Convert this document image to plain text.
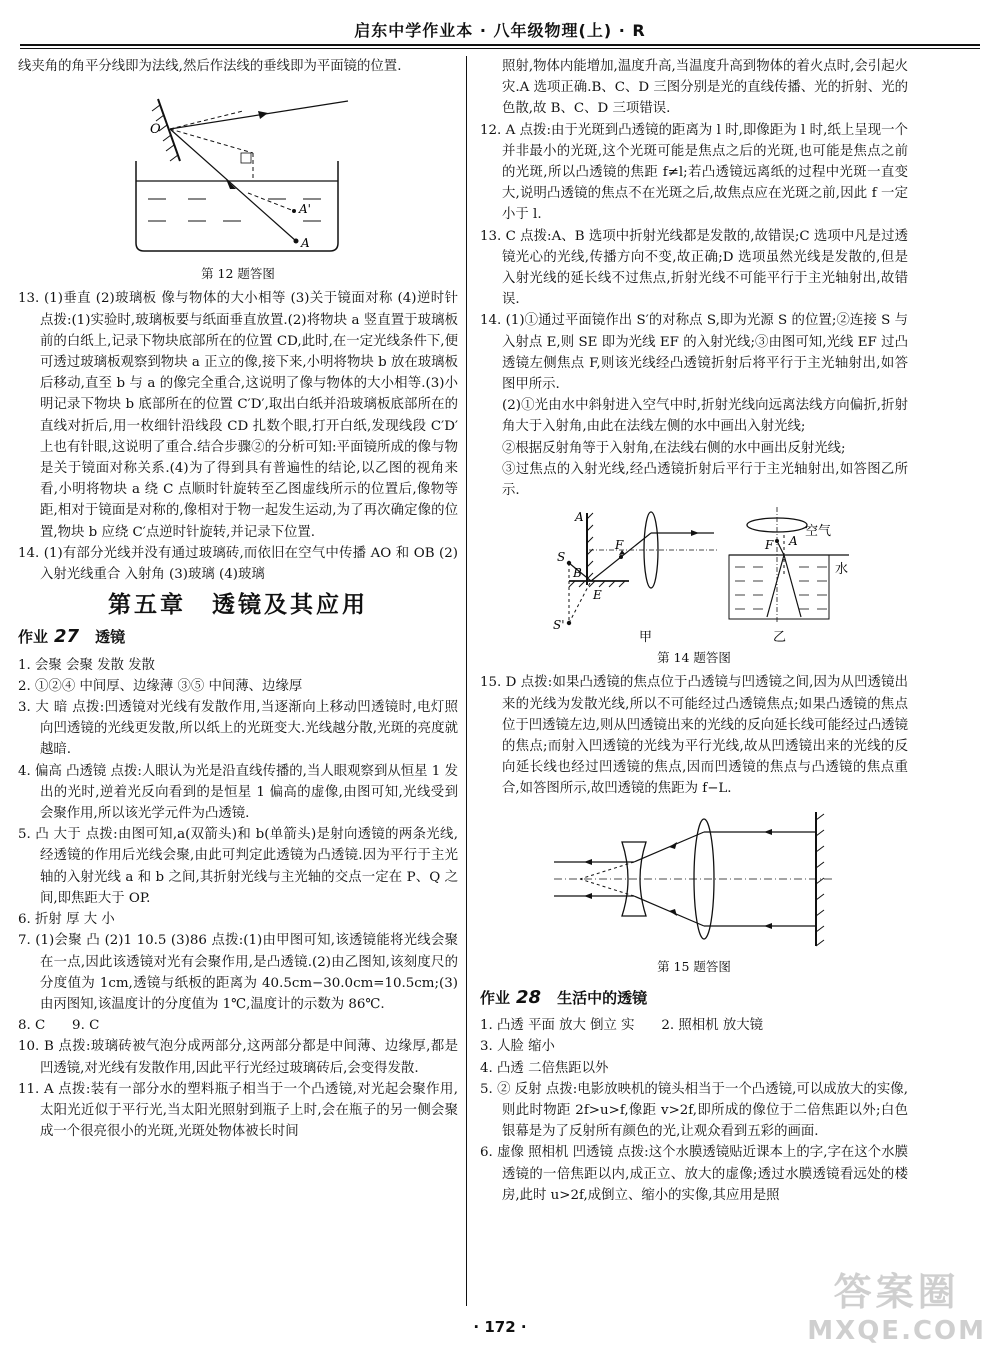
启东中学作业本 · 八年级物理(上) · R

线夹角的角平分线即为法线,然后作法线的垂线即为平面镜的位置.

O
A
A'

第 12 题答图

13. (1)垂直 (2)玻璃板 像与物体的大小相等 (3)关于镜面对称 (4)逆时针 点拨:(1)实验时,玻璃板要与纸面垂直放置.(2)将物块 a 竖直置于玻璃板前的白纸上,记录下物块底部所在的位置 CD,此时,在一定光线条件下,便可透过玻璃板观察到物块 a 正立的像,接下来,小明将物块 b 放在玻璃板后移动,直至 b 与 a 的像完全重合,这说明了像与物体的大小相等.(3)小明记录下物块 b 底部所在的位置 C′D′,取出白纸并沿玻璃板底部所在的直线对折后,用一枚细针沿线段 CD 扎数个眼,打开白纸,发现线段 C′D′ 上也有针眼,这说明了重合.结合步骤②的分析可知:平面镜所成的像与物是关于镜面对称关系.(4)为了得到具有普遍性的结论,以乙图的视角来看,小明将物块 a 绕 C 点顺时针旋转至乙图虚线所示的位置后,像物等距,相对于镜面是对称的,像相对于物一起发生运动,为了再次确定像的位置,物块 b 应绕 C′点逆时针旋转,并记录下位置.

14. (1)有部分光线并没有通过玻璃砖,而依旧在空气中传播 AO 和 OB (2)入射光线重合 入射角 (3)玻璃 (4)玻璃

第五章　透镜及其应用
作业 27 透镜

1. 会聚 会聚 发散 发散

2. ①②④ 中间厚、边缘薄 ③⑤ 中间薄、边缘厚

3. 大 暗 点拨:凹透镜对光线有发散作用,当逐渐向上移动凹透镜时,电灯照向凹透镜的光线更发散,所以纸上的光斑变大.光线越分散,光斑的亮度就越暗.

4. 偏高 凸透镜 点拨:人眼认为光是沿直线传播的,当人眼观察到从恒星 1 发出的光时,逆着光反向看到的是恒星 1 偏高的虚像,由图可知,光线受到会聚作用,所以该光学元件为凸透镜.

5. 凸 大于 点拨:由图可知,a(双箭头)和 b(单箭头)是射向透镜的两条光线,经透镜的作用后光线会聚,由此可判定此透镜为凸透镜.因为平行于主光轴的入射光线 a 和 b 之间,其折射光线与主光轴的交点一定在 P、Q 之间,即焦距大于 OP.

6. 折射 厚 大 小

7. (1)会聚 凸 (2)1 10.5 (3)86 点拨:(1)由甲图可知,该透镜能将光线会聚在一点,因此该透镜对光有会聚作用,是凸透镜.(2)由乙图知,该刻度尺的分度值为 1cm,透镜与纸板的距离为 40.5cm−30.0cm=10.5cm;(3)由丙图知,该温度计的分度值为 1℃,温度计的示数为 86℃.

8. C　　9. C

10. B 点拨:玻璃砖被气泡分成两部分,这两部分都是中间薄、边缘厚,都是凹透镜,对光线有发散作用,因此平行光经过玻璃砖后,会变得发散.

11. A 点拨:装有一部分水的塑料瓶子相当于一个凸透镜,对光起会聚作用,太阳光近似于平行光,当太阳光照射到瓶子上时,会在瓶子的另一侧会聚成一个很亮很小的光斑,光斑处物体被长时间

照射,物体内能增加,温度升高,当温度升高到物体的着火点时,会引起火灾.A 选项正确.B、C、D 三图分别是光的直线传播、光的折射、光的色散,故 B、C、D 三项错误.

12. A 点拨:由于光斑到凸透镜的距离为 l 时,即像距为 l 时,纸上呈现一个并非最小的光斑,这个光斑可能是焦点之后的光斑,也可能是焦点之前的光斑,所以凸透镜的焦距 f≠l;若凸透镜远离纸的过程中光斑一直变大,说明凸透镜的焦点不在光斑之后,故焦点应在光斑之前,因此 f 一定小于 l.

13. C 点拨:A、B 选项中折射光线都是发散的,故错误;C 选项中凡是过透镜光心的光线,传播方向不变,故正确;D 选项虽然光线是发散的,但是入射光线的延长线不过焦点,折射光线不可能平行于主光轴射出,故错误.

14. (1)①通过平面镜作出 S′的对称点 S,即为光源 S 的位置;②连接 S 与入射点 E,则 SE 即为光线 EF 的入射光线;③由图可知,光线 EF 过凸透镜左侧焦点 F,则该光线经凸透镜折射后将平行于主光轴射出,如答图甲所示.

(2)①光由水中斜射进入空气中时,折射光线向远离法线方向偏折,折射角大于入射角,由此在法线左侧的水中画出入射光线;

②根据反射角等于入射角,在法线右侧的水中画出反射光线;

③过焦点的入射光线,经凸透镜折射后平行于主光轴射出,如答图乙所示.

A
F
S
B
E
S'
甲
F A
空气
水
乙

第 14 题答图

15. D 点拨:如果凸透镜的焦点位于凸透镜与凹透镜之间,因为从凹透镜出来的光线为发散光线,所以不可能经过凸透镜焦点;如果凸透镜的焦点位于凹透镜左边,则从凹透镜出来的光线的反向延长线可能经过凸透镜的焦点;而射入凹透镜的光线为平行光线,故从凹透镜出来的光线的反向延长线也经过凹透镜的焦点,因而凹透镜的焦点与凸透镜的焦点重合,如答图所示,故凹透镜的焦距为 f−L.

第 15 题答图

作业 28 生活中的透镜

1. 凸透 平面 放大 倒立 实　　2. 照相机 放大镜

3. 人脸 缩小

4. 凸透 二倍焦距以外

5. ② 反射 点拨:电影放映机的镜头相当于一个凸透镜,可以成放大的实像,则此时物距 2f>u>f,像距 v>2f,即所成的像位于二倍焦距以外;白色银幕是为了反射所有颜色的光,让观众看到五彩的画面.

6. 虚像 照相机 凹透镜 点拨:这个水膜透镜贴近课本上的字,字在这个水膜透镜的一倍焦距以内,成正立、放大的虚像;透过水膜透镜看远处的楼房,此时 u>2f,成倒立、缩小的实像,其应用是照

· 172 ·
答案圈
MXQE.COM
